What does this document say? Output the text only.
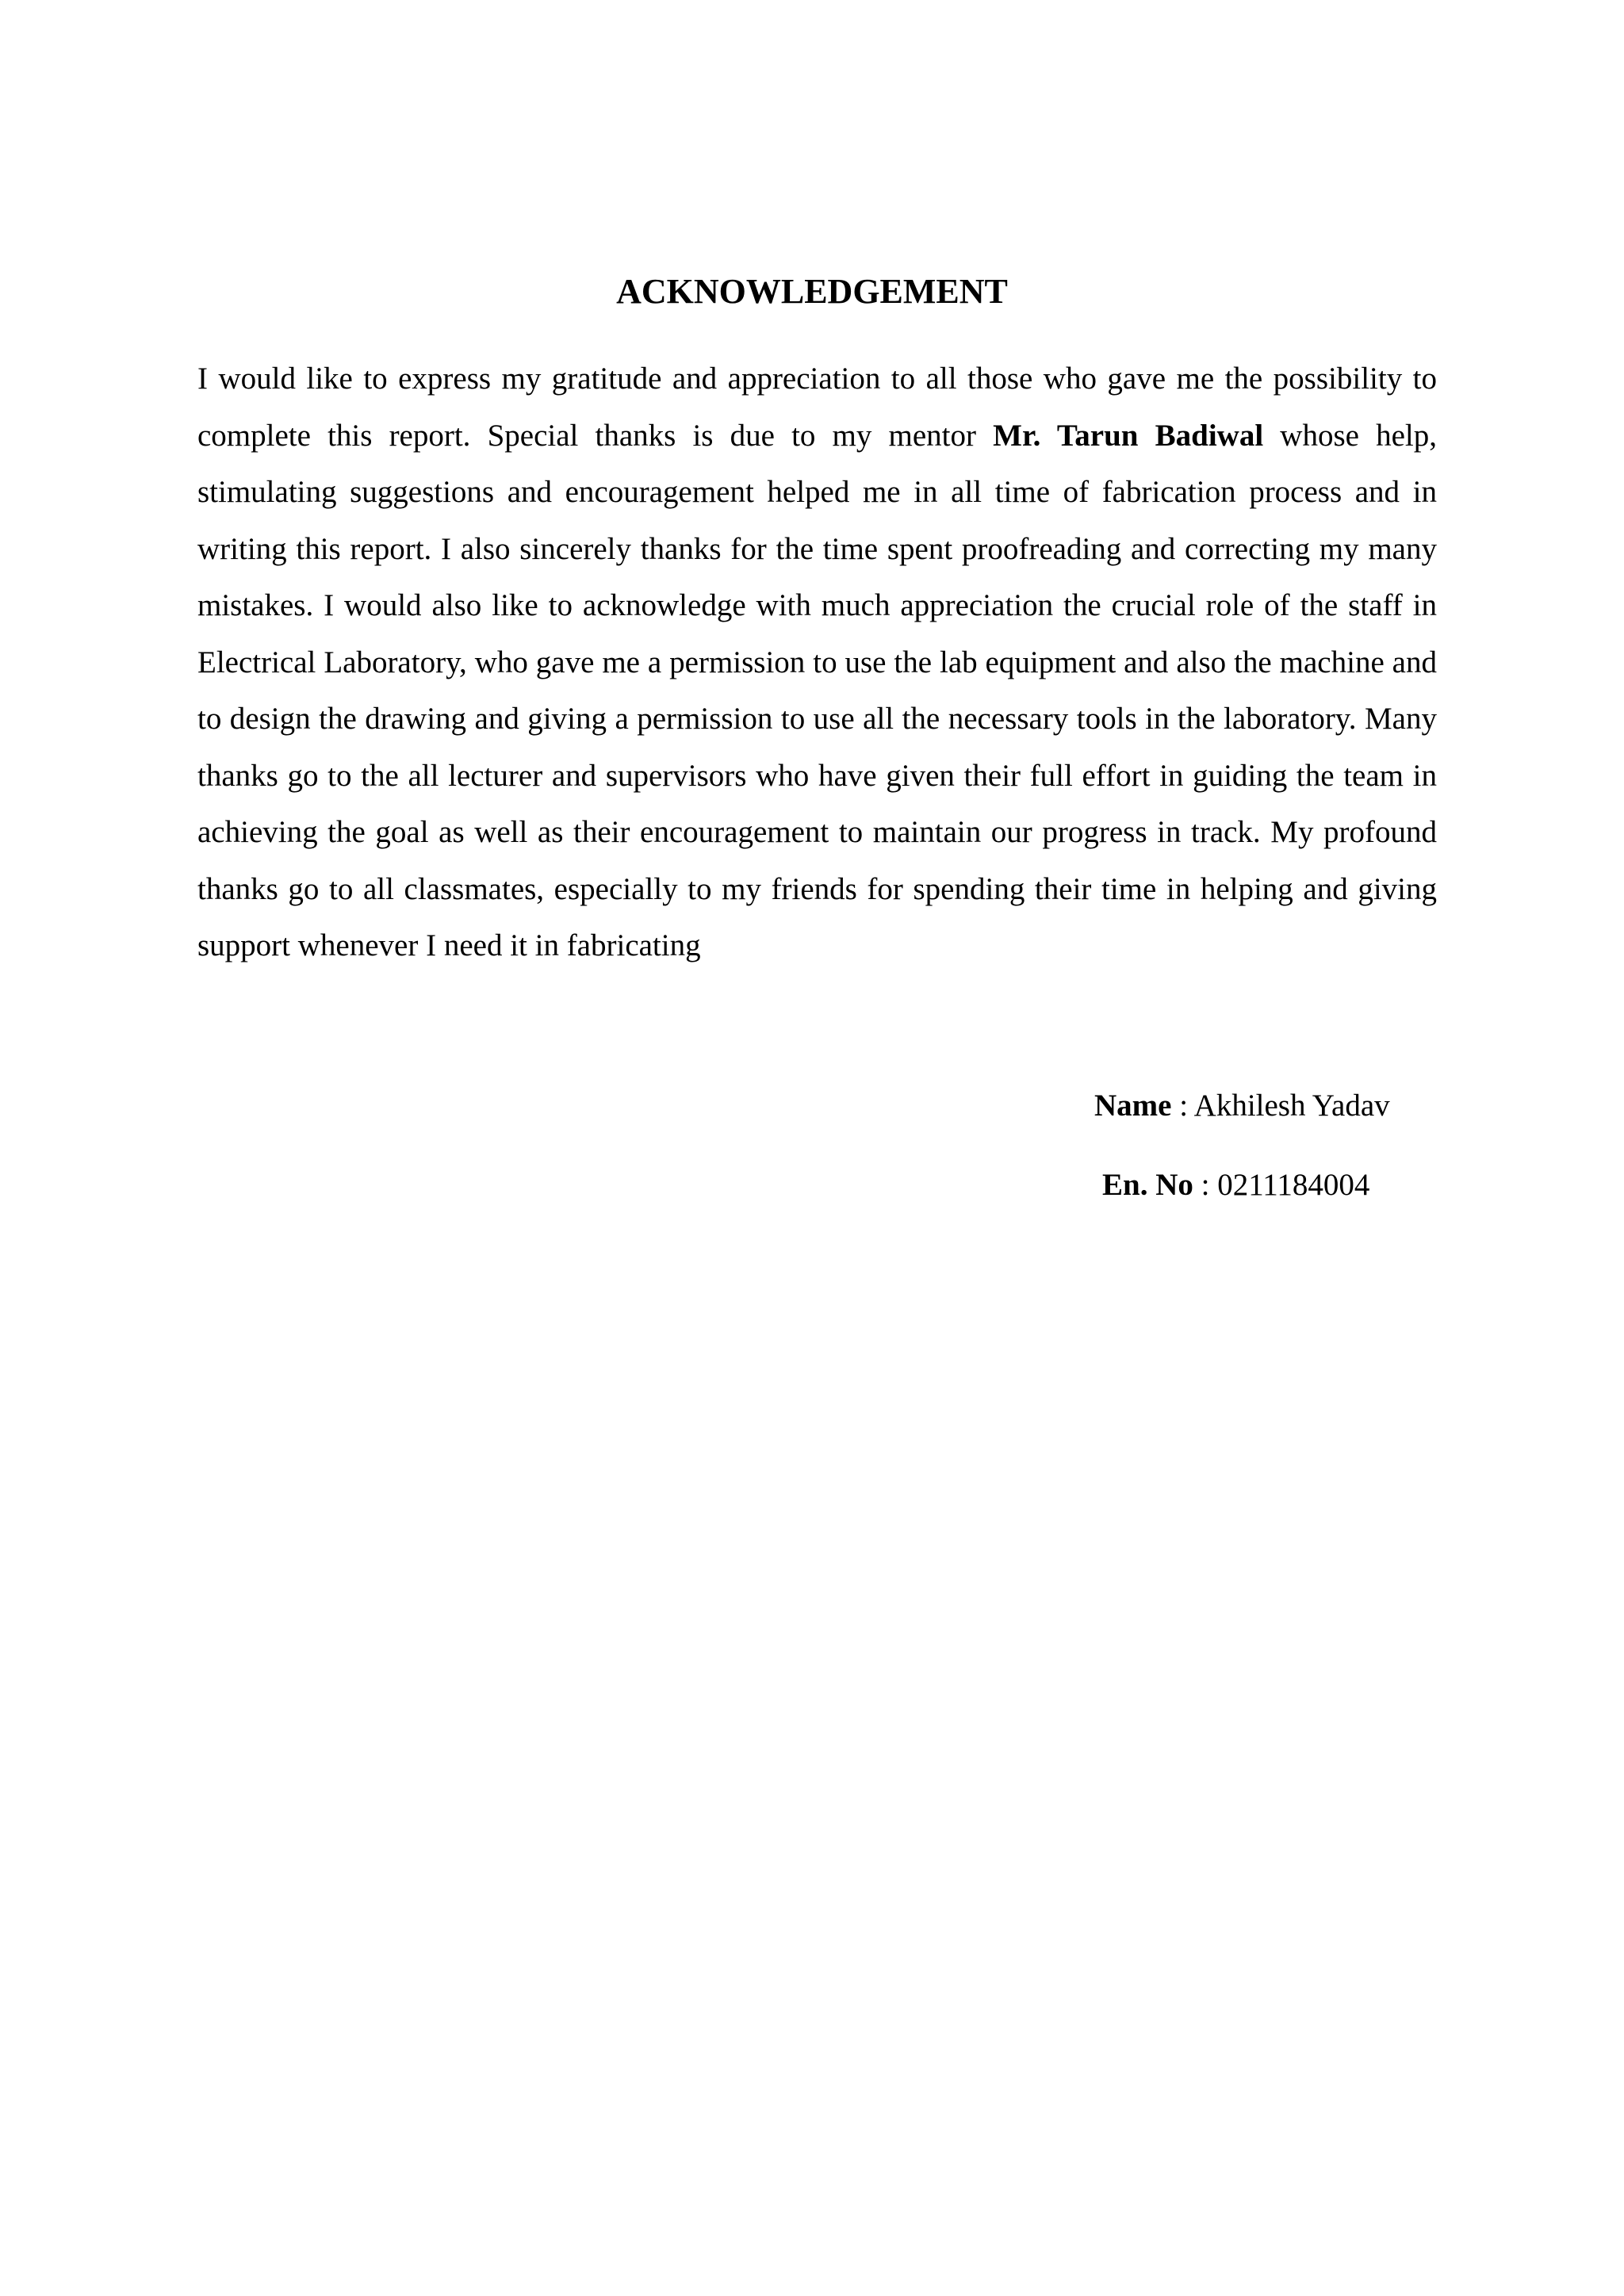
ACKNOWLEDGEMENT

I would like to express my gratitude and appreciation to all those who gave me the possibility to complete this report. Special thanks is due to my mentor Mr. Tarun Badiwal whose help, stimulating suggestions and encouragement helped me in all time of fabrication process and in writing this report. I also sincerely thanks for the time spent proofreading and correcting my many mistakes. I would also like to acknowledge with much appreciation the crucial role of the staff in Electrical Laboratory, who gave me a permission to use the lab equipment and also the machine and to design the drawing and giving a permission to use all the necessary tools in the laboratory. Many thanks go to the all lecturer and supervisors who have given their full effort in guiding the team in achieving the goal as well as their encouragement to maintain our progress in track. My profound thanks go to all classmates, especially to my friends for spending their time in helping and giving support whenever I need it in fabricating

Name : Akhilesh Yadav
En. No : 0211184004
